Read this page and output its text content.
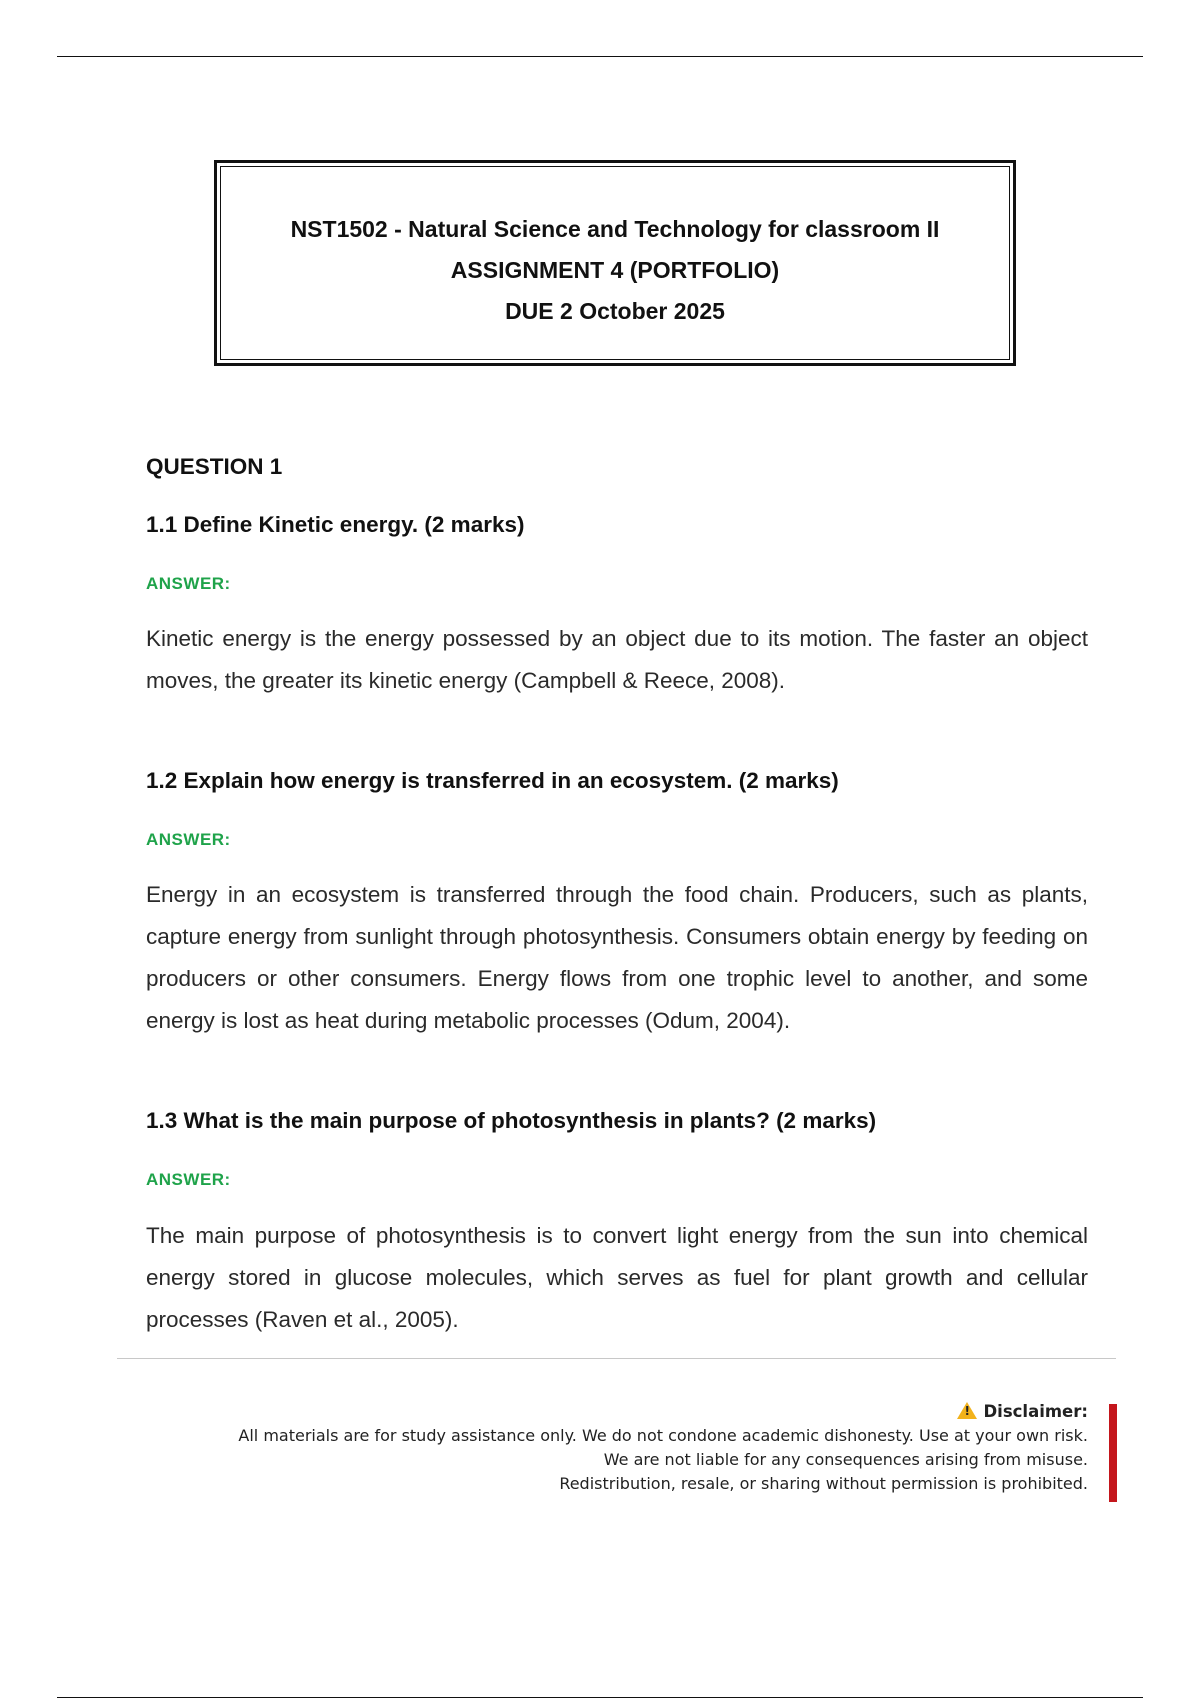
NST1502 - Natural Science and Technology for classroom II
ASSIGNMENT 4 (PORTFOLIO)
DUE 2 October 2025

QUESTION 1

1.1 Define Kinetic energy. (2 marks)

ANSWER:

Kinetic energy is the energy possessed by an object due to its motion. The faster an object moves, the greater its kinetic energy (Campbell & Reece, 2008).

1.2 Explain how energy is transferred in an ecosystem. (2 marks)

ANSWER:

Energy in an ecosystem is transferred through the food chain. Producers, such as plants, capture energy from sunlight through photosynthesis. Consumers obtain energy by feeding on producers or other consumers. Energy flows from one trophic level to another, and some energy is lost as heat during metabolic processes (Odum, 2004).

1.3 What is the main purpose of photosynthesis in plants? (2 marks)

ANSWER:

The main purpose of photosynthesis is to convert light energy from the sun into chemical energy stored in glucose molecules, which serves as fuel for plant growth and cellular processes (Raven et al., 2005).

!Disclaimer:
All materials are for study assistance only. We do not condone academic dishonesty. Use at your own risk.
We are not liable for any consequences arising from misuse.
Redistribution, resale, or sharing without permission is prohibited.
